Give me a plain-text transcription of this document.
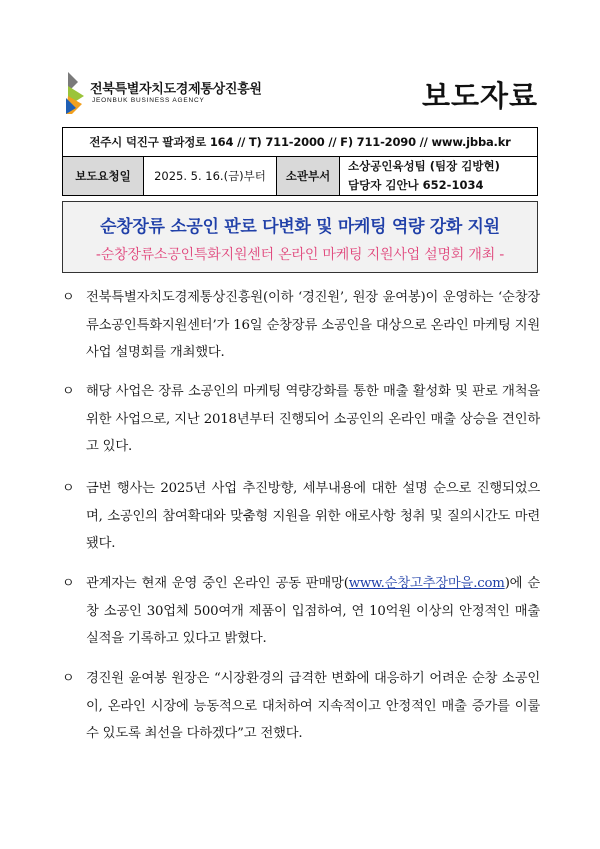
전북특별자치도경제통상진흥원
JEONBUK BUSINESS AGENCY	보도자료
전주시 덕진구 팔과정로 164 // T) 711-2000 // F) 711-2090 // www.jbba.kr
보도요청일	2025. 5. 16.(금)부터	소관부서	
소상공인육성팀 (팀장 김방현)
담당자 김안나 652-1034
순창장류 소공인 판로 다변화 및 마케팅 역량 강화 지원
-순창장류소공인특화지원센터 온라인 마케팅 지원사업 설명회 개최 -
ㅇ 전북특별자치도경제통상진흥원(이하 ‘경진원’, 원장 윤여봉)이 운영하는 ‘순창장류소공인특화지원센터’가 16일 순창장류 소공인을 대상으로 온라인 마케팅 지원사업 설명회를 개최했다.
ㅇ 해당 사업은 장류 소공인의 마케팅 역량강화를 통한 매출 활성화 및 판로 개척을 위한 사업으로, 지난 2018년부터 진행되어 소공인의 온라인 매출 상승을 견인하고 있다.
ㅇ 금번 행사는 2025년 사업 추진방향, 세부내용에 대한 설명 순으로 진행되었으며, 소공인의 참여확대와 맞춤형 지원을 위한 애로사항 청취 및 질의시간도 마련됐다.
ㅇ 관계자는 현재 운영 중인 온라인 공동 판매망(www.순창고추장마을.com)에 순창 소공인 30업체 500여개 제품이 입점하여, 연 10억원 이상의 안정적인 매출실적을 기록하고 있다고 밝혔다.
ㅇ 경진원 윤여봉 원장은 “시장환경의 급격한 변화에 대응하기 어려운 순창 소공인이, 온라인 시장에 능동적으로 대처하여 지속적이고 안정적인 매출 증가를 이룰 수 있도록 최선을 다하겠다”고 전했다.
